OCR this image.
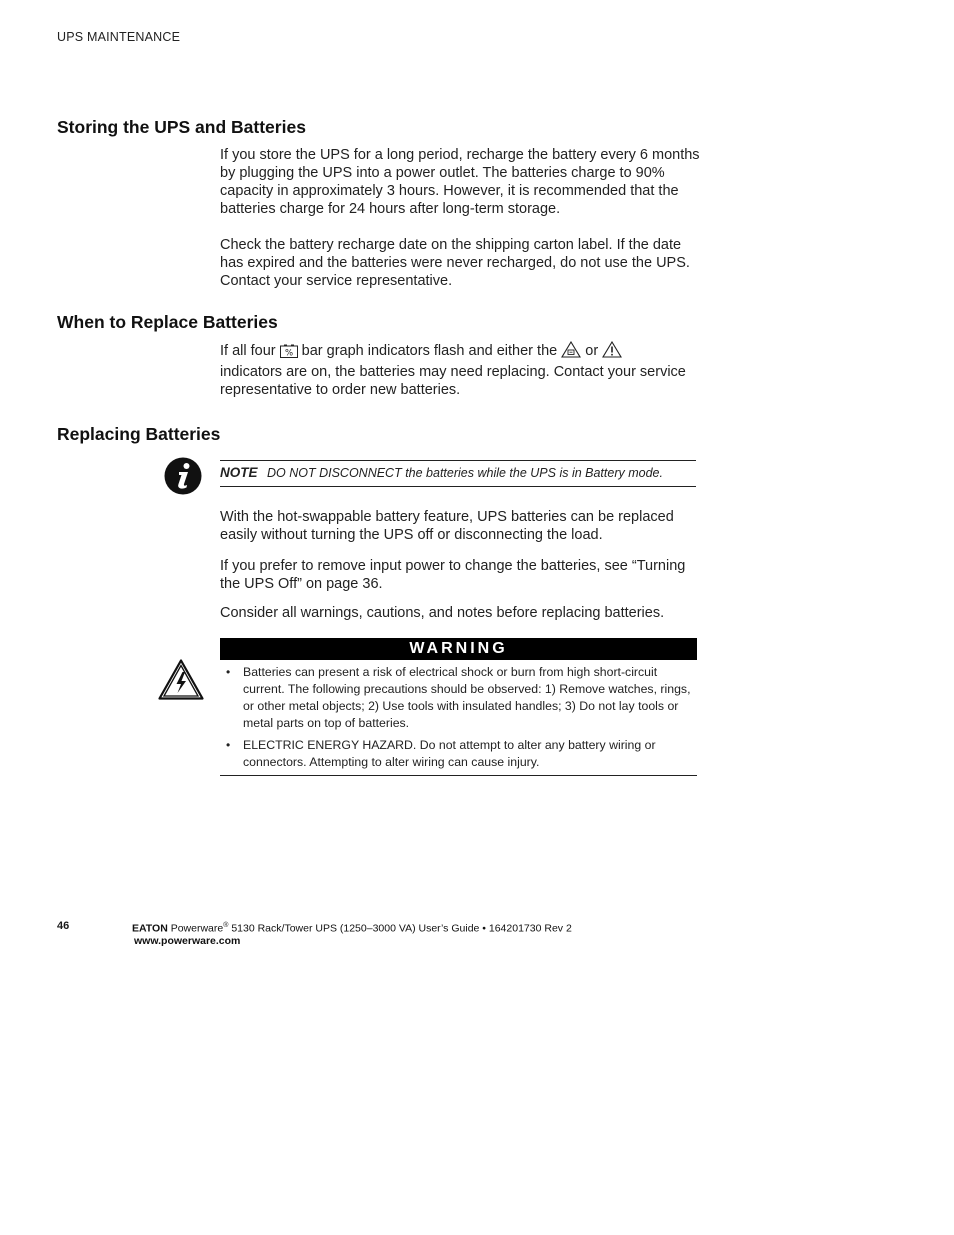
UPS MAINTENANCE
Storing the UPS and Batteries

If you store the UPS for a long period, recharge the battery every 6 months by plugging the UPS into a power outlet. The batteries charge to 90% capacity in approximately 3 hours. However, it is recommended that the batteries charge for 24 hours after long-term storage.

Check the battery recharge date on the shipping carton label. If the date has expired and the batteries were never recharged, do not use the UPS. Contact your service representative.

When to Replace Batteries

If all four % bar graph indicators flash and either the or
indicators are on, the batteries may need replacing. Contact your service representative to order new batteries.

Replacing Batteries
NOTE DO NOT DISCONNECT the batteries while the UPS is in Battery mode.

With the hot-swappable battery feature, UPS batteries can be replaced easily without turning the UPS off or disconnecting the load.

If you prefer to remove input power to change the batteries, see “Turning the UPS Off” on page 36.

Consider all warnings, cautions, and notes before replacing batteries.

WARNING
• Batteries can present a risk of electrical shock or burn from high short-circuit current. The following precautions should be observed: 1) Remove watches, rings, or other metal objects; 2) Use tools with insulated handles; 3) Do not lay tools or metal parts on top of batteries.
• ELECTRIC ENERGY HAZARD. Do not attempt to alter any battery wiring or connectors. Attempting to alter wiring can cause injury.
46	EATON Powerware® 5130 Rack/Tower UPS (1250–3000 VA) User’s Guide • 164201730 Rev 2
www.powerware.com
